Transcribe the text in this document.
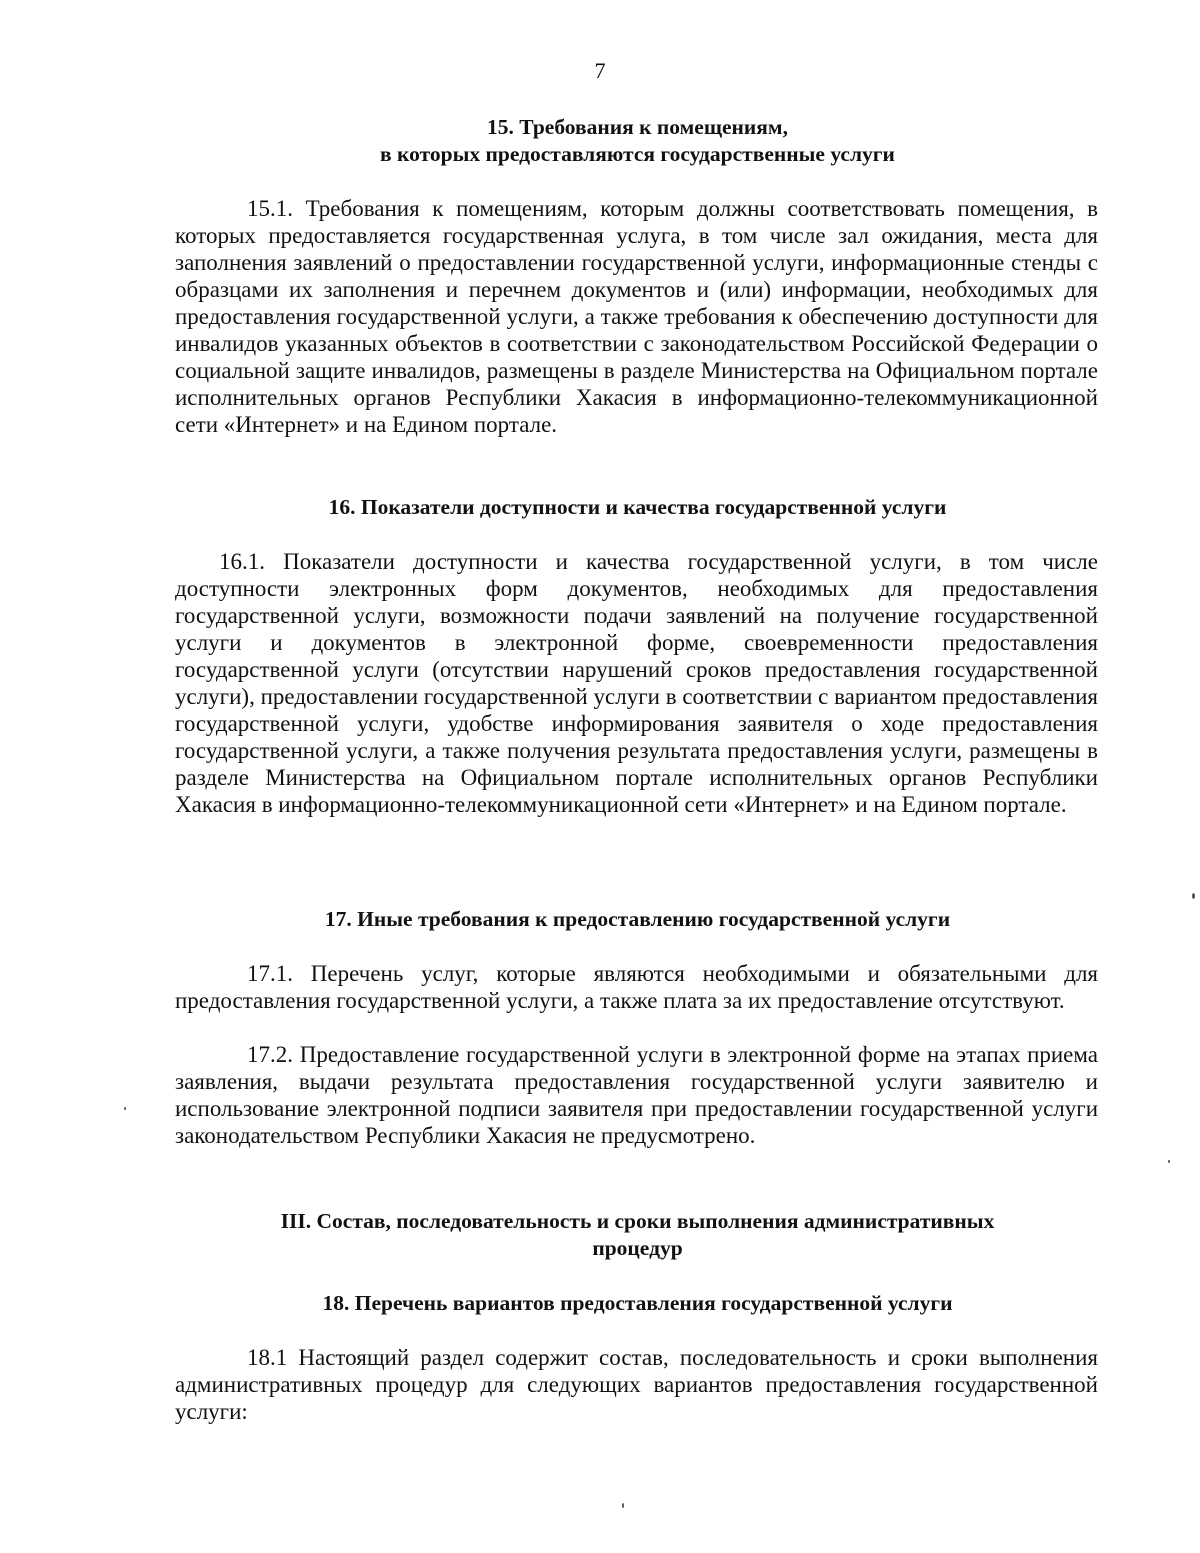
7
15. Требования к помещениям,
в которых предоставляются государственные услуги

15.1. Требования к помещениям, которым должны соответствовать помещения, в которых предоставляется государственная услуга, в том числе зал ожидания, места для заполнения заявлений о предоставлении государственной услуги, информационные стенды с образцами их заполнения и перечнем документов и (или) информации, необходимых для предоставления государственной услуги, а также требования к обеспечению доступности для инвалидов указанных объектов в соответствии с законодательством Российской Федерации о социальной защите инвалидов, размещены в разделе Министерства на Официальном портале исполнительных органов Республики Хакасия в информационно-телекоммуникационной сети «Интернет» и на Едином портале.

16. Показатели доступности и качества государственной услуги

16.1. Показатели доступности и качества государственной услуги, в том числе доступности электронных форм документов, необходимых для предоставления государственной услуги, возможности подачи заявлений на получение государственной услуги и документов в электронной форме, своевременности предоставления государственной услуги (отсутствии нарушений сроков предоставления государственной услуги), предоставлении государственной услуги в соответствии с вариантом предоставления государственной услуги, удобстве информирования заявителя о ходе предоставления государственной услуги, а также получения результата предоставления услуги, размещены в разделе Министерства на Официальном портале исполнительных органов Республики Хакасия в информационно-телекоммуникационной сети «Интернет» и на Едином портале.

17. Иные требования к предоставлению государственной услуги

17.1. Перечень услуг, которые являются необходимыми и обязательными для предоставления государственной услуги, а также плата за их предоставление отсутствуют.

17.2. Предоставление государственной услуги в электронной форме на этапах приема заявления, выдачи результата предоставления государственной услуги заявителю и использование электронной подписи заявителя при предоставлении государственной услуги законодательством Республики Хакасия не предусмотрено.

III. Состав, последовательность и сроки выполнения административных
процедур
18. Перечень вариантов предоставления государственной услуги

18.1 Настоящий раздел содержит состав, последовательность и сроки выполнения административных процедур для следующих вариантов предоставления государственной услуги:
